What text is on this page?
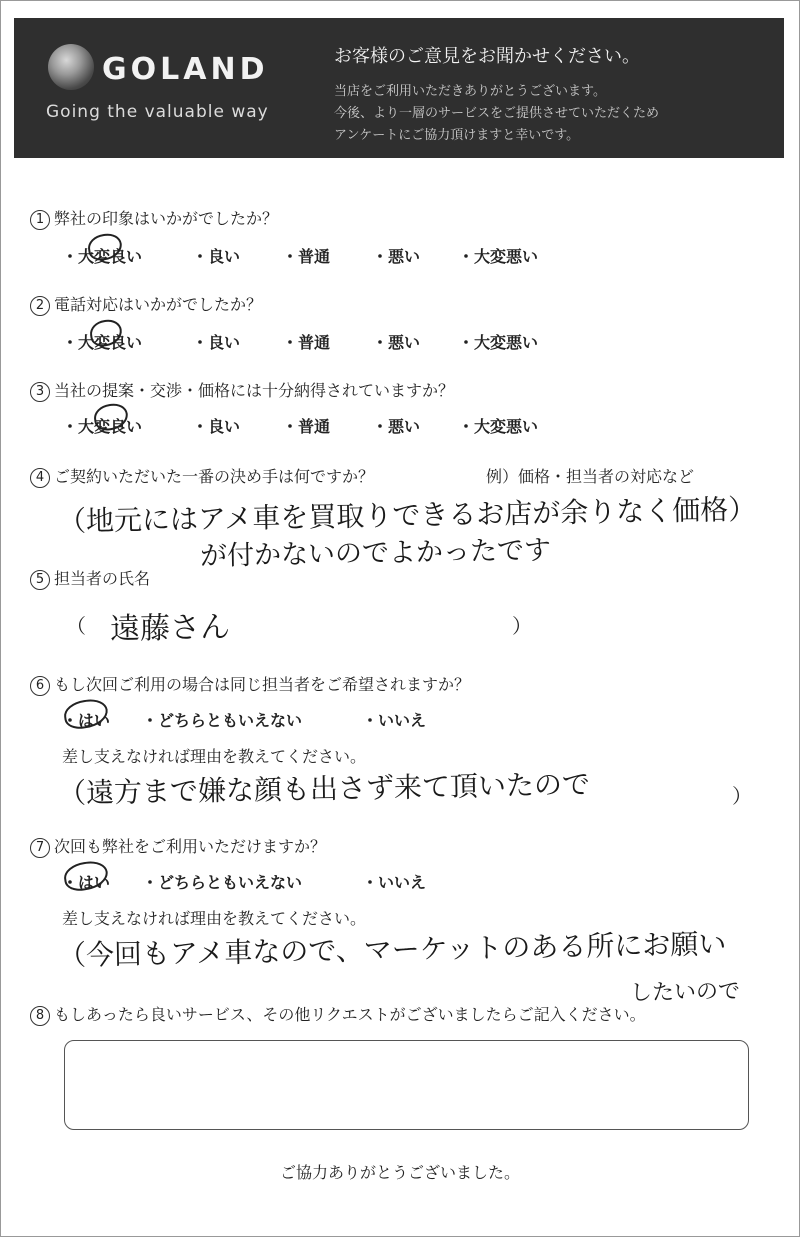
GOLAND
Going the valuable way
お客様のご意見をお聞かせください。
当店をご利用いただきありがとうございます。
今後、より一層のサービスをご提供させていただくため
アンケートにご協力頂けますと幸いです。
1 弊社の印象はいかがでしたか？
・大変良い	・良い	・普通	・悪い ・大変悪い
2 電話対応はいかがでしたか？
・大変良い	・良い	・普通	・悪い ・大変悪い
3 当社の提案・交渉・価格には十分納得されていますか？
・大変良い	・良い	・普通	・悪い ・大変悪い
4 ご契約いただいた一番の決め手は何ですか？	例）価格・担当者の対応など
（地元にはアメ車を買取りできるお店が余りなく価格）
が付かないのでよかったです
5 担当者の氏名
（ 遠藤さん	）
6 もし次回ご利用の場合は同じ担当者をご希望されますか？
・はい ・どちらともいえない	・いいえ
差し支えなければ理由を教えてください。
（遠方まで嫌な顔も出さず来て頂いたので	）
7 次回も弊社をご利用いただけますか？
・はい ・どちらともいえない	・いいえ
差し支えなければ理由を教えてください。
（今回もアメ車なので、マーケットのある所にお願い
したいので
8 もしあったら良いサービス、その他リクエストがございましたらご記入ください。
ご協力ありがとうございました。
